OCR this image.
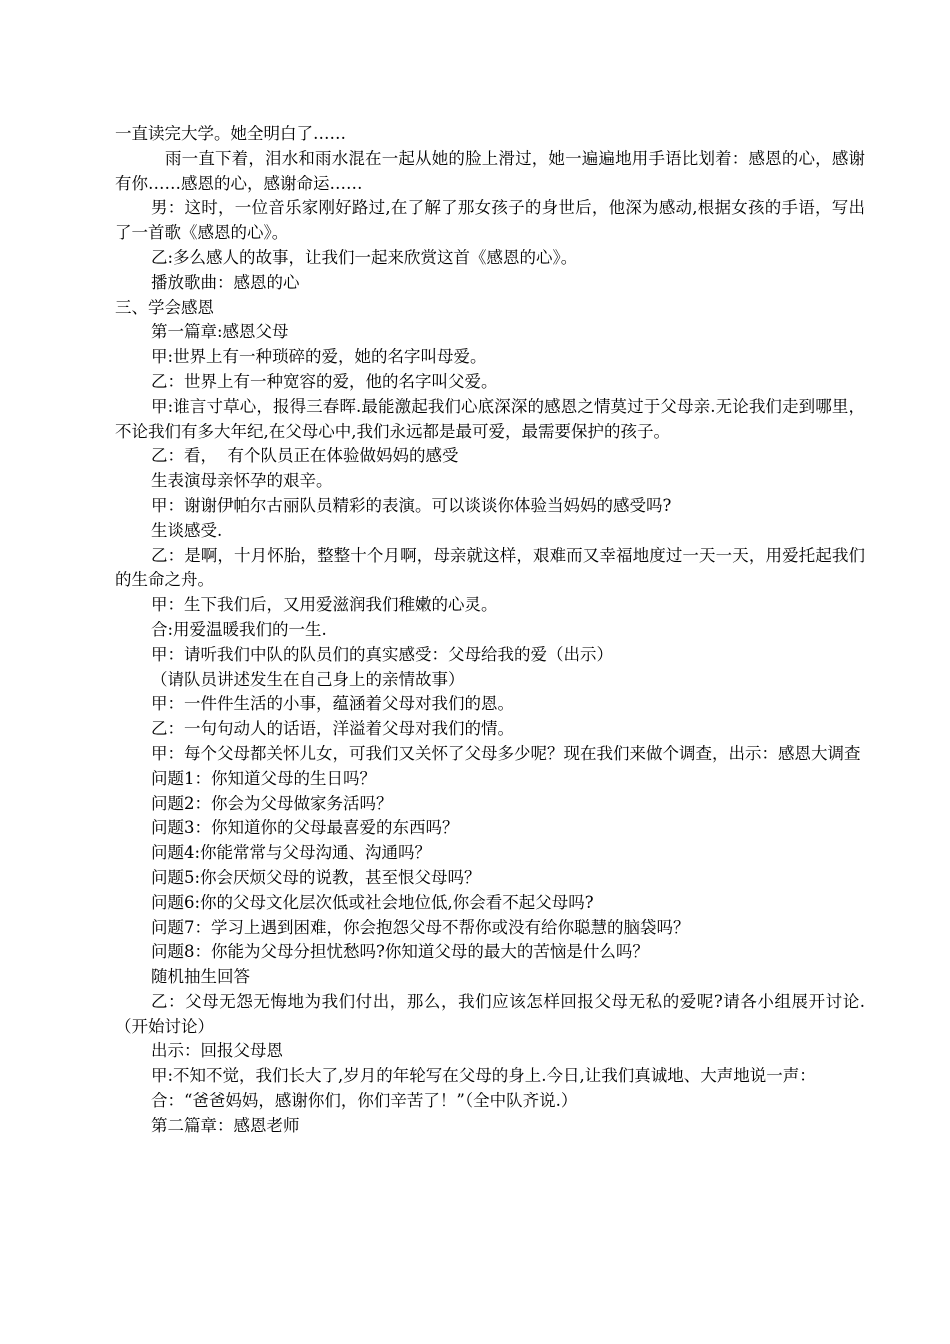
一直读完大学。她全明白了……

雨一直下着，泪水和雨水混在一起从她的脸上滑过，她一遍遍地用手语比划着：感恩的心，感谢有你……感恩的心，感谢命运……

男：这时，一位音乐家刚好路过,在了解了那女孩子的身世后，他深为感动,根据女孩的手语，写出了一首歌《感恩的心》。

乙:多么感人的故事，让我们一起来欣赏这首《感恩的心》。

播放歌曲：感恩的心

三、学会感恩

第一篇章:感恩父母

甲:世界上有一种琐碎的爱，她的名字叫母爱。

乙：世界上有一种宽容的爱，他的名字叫父爱。

甲:谁言寸草心，报得三春晖.最能激起我们心底深深的感恩之情莫过于父母亲.无论我们走到哪里，不论我们有多大年纪,在父母心中,我们永远都是最可爱，最需要保护的孩子。

乙：看，  有个队员正在体验做妈妈的感受

生表演母亲怀孕的艰辛。

甲：谢谢伊帕尔古丽队员精彩的表演。可以谈谈你体验当妈妈的感受吗?

生谈感受.

乙：是啊，十月怀胎，整整十个月啊，母亲就这样，艰难而又幸福地度过一天一天，用爱托起我们的生命之舟。

甲：生下我们后，又用爱滋润我们稚嫩的心灵。

合:用爱温暖我们的一生.

甲：请听我们中队的队员们的真实感受：父母给我的爱（出示）

（请队员讲述发生在自己身上的亲情故事）

甲：一件件生活的小事，蕴涵着父母对我们的恩。

乙：一句句动人的话语，洋溢着父母对我们的情。

甲：每个父母都关怀儿女，可我们又关怀了父母多少呢？现在我们来做个调查，出示：感恩大调查

问题1：你知道父母的生日吗？

问题2：你会为父母做家务活吗？

问题3：你知道你的父母最喜爱的东西吗？

问题4:你能常常与父母沟通、沟通吗？

问题5:你会厌烦父母的说教，甚至恨父母吗？

问题6:你的父母文化层次低或社会地位低,你会看不起父母吗?

问题7：学习上遇到困难，你会抱怨父母不帮你或没有给你聪慧的脑袋吗？

问题8：你能为父母分担忧愁吗?你知道父母的最大的苦恼是什么吗？

随机抽生回答

乙：父母无怨无悔地为我们付出，那么，我们应该怎样回报父母无私的爱呢?请各小组展开讨论.（开始讨论）

出示：回报父母恩

甲:不知不觉，我们长大了,岁月的年轮写在父母的身上.今日,让我们真诚地、大声地说一声：

合：“爸爸妈妈，感谢你们，你们辛苦了！”（全中队齐说.）

第二篇章：感恩老师
